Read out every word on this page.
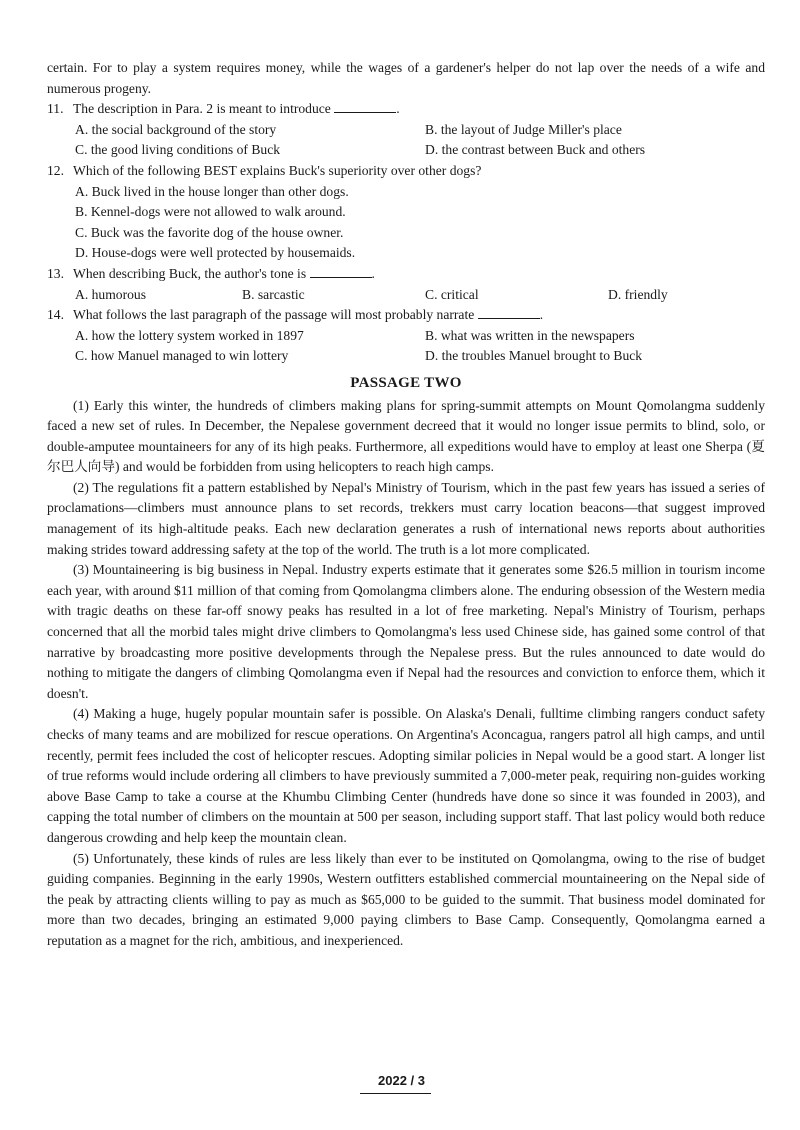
certain. For to play a system requires money, while the wages of a gardener's helper do not lap over the needs of a wife and numerous progeny.

11. The description in Para. 2 is meant to introduce	.
A. the social background of the story	B. the layout of Judge Miller's place
C. the good living conditions of Buck	D. the contrast between Buck and others
12. Which of the following BEST explains Buck's superiority over other dogs?
A. Buck lived in the house longer than other dogs.
B. Kennel-dogs were not allowed to walk around.
C. Buck was the favorite dog of the house owner.
D. House-dogs were well protected by housemaids.
13. When describing Buck, the author's tone is	.
A. humorous	B. sarcastic	C. critical	D. friendly
14. What follows the last paragraph of the passage will most probably narrate	.
A. how the lottery system worked in 1897	B. what was written in the newspapers
C. how Manuel managed to win lottery	D. the troubles Manuel brought to Buck
PASSAGE TWO

(1) Early this winter, the hundreds of climbers making plans for spring-summit attempts on Mount Qomolangma suddenly faced a new set of rules. In December, the Nepalese government decreed that it would no longer issue permits to blind, solo, or double-amputee mountaineers for any of its high peaks. Furthermore, all expeditions would have to employ at least one Sherpa (夏尔巴人向导) and would be forbidden from using helicopters to reach high camps.

(2) The regulations fit a pattern established by Nepal's Ministry of Tourism, which in the past few years has issued a series of proclamations—climbers must announce plans to set records, trekkers must carry location beacons—that suggest improved management of its high-altitude peaks. Each new declaration generates a rush of international news reports about authorities making strides toward addressing safety at the top of the world. The truth is a lot more complicated.

(3) Mountaineering is big business in Nepal. Industry experts estimate that it generates some $26.5 million in tourism income each year, with around $11 million of that coming from Qomolangma climbers alone. The enduring obsession of the Western media with tragic deaths on these far-off snowy peaks has resulted in a lot of free marketing. Nepal's Ministry of Tourism, perhaps concerned that all the morbid tales might drive climbers to Qomolangma's less used Chinese side, has gained some control of that narrative by broadcasting more positive developments through the Nepalese press. But the rules announced to date would do nothing to mitigate the dangers of climbing Qomolangma even if Nepal had the resources and conviction to enforce them, which it doesn't.

(4) Making a huge, hugely popular mountain safer is possible. On Alaska's Denali, fulltime climbing rangers conduct safety checks of many teams and are mobilized for rescue operations. On Argentina's Aconcagua, rangers patrol all high camps, and until recently, permit fees included the cost of helicopter rescues. Adopting similar policies in Nepal would be a good start. A longer list of true reforms would include ordering all climbers to have previously summited a 7,000-meter peak, requiring non-guides working above Base Camp to take a course at the Khumbu Climbing Center (hundreds have done so since it was founded in 2003), and capping the total number of climbers on the mountain at 500 per season, including support staff. That last policy would both reduce dangerous crowding and help keep the mountain clean.

(5) Unfortunately, these kinds of rules are less likely than ever to be instituted on Qomolangma, owing to the rise of budget guiding companies. Beginning in the early 1990s, Western outfitters established commercial mountaineering on the Nepal side of the peak by attracting clients willing to pay as much as $65,000 to be guided to the summit. That business model dominated for more than two decades, bringing an estimated 9,000 paying climbers to Base Camp. Consequently, Qomolangma earned a reputation as a magnet for the rich, ambitious, and inexperienced.

2022 / 3
